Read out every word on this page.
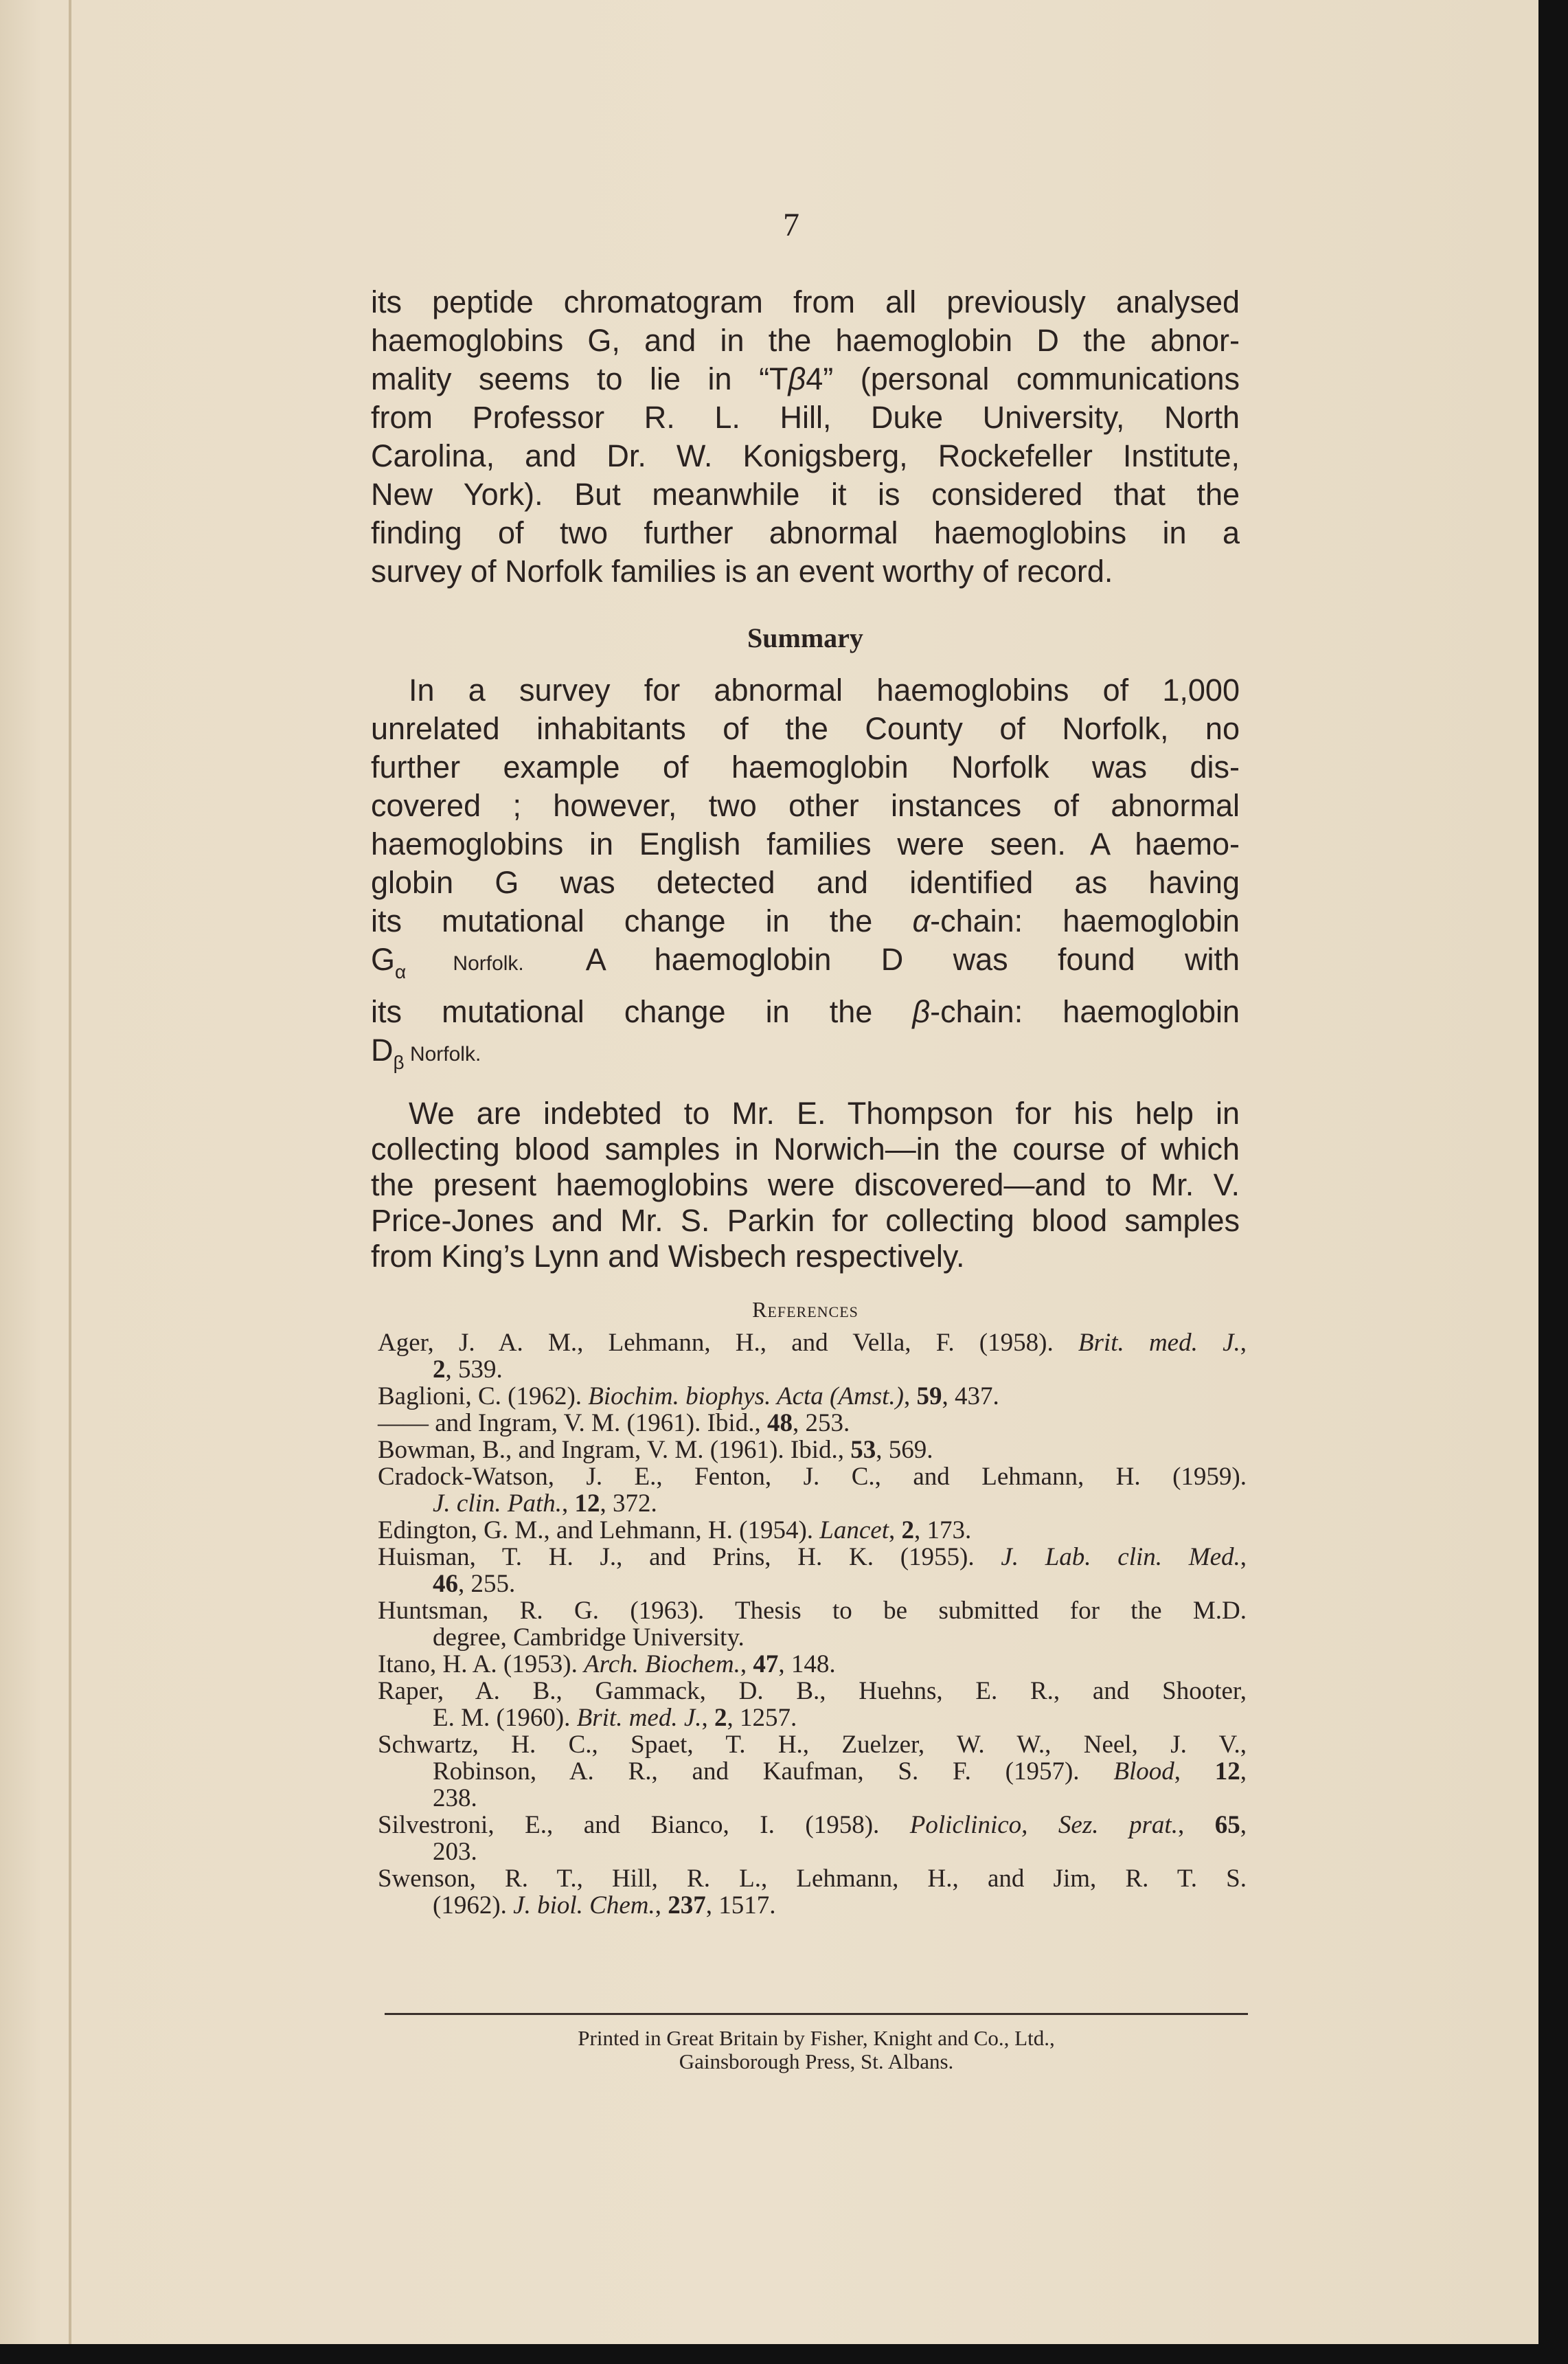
7
its peptide chromatogram from all previously analysed
haemoglobins G, and in the haemoglobin D the abnor-
mality seems to lie in “Tβ4” (personal communications
from Professor R. L. Hill, Duke University, North
Carolina, and Dr. W. Konigsberg, Rockefeller Institute,
New York). But meanwhile it is considered that the
finding of two further abnormal haemoglobins in a
survey of Norfolk families is an event worthy of record.
Summary
In a survey for abnormal haemoglobins of 1,000
unrelated inhabitants of the County of Norfolk, no
further example of haemoglobin Norfolk was dis-
covered ; however, two other instances of abnormal
haemoglobins in English families were seen. A haemo-
globin G was detected and identified as having
its mutational change in the α-chain: haemoglobin
$G_\alpha$ Norfolk. A haemoglobin D was found with
its mutational change in the β-chain: haemoglobin
$D_\beta$ Norfolk.
We are indebted to Mr. E. Thompson for his help in
collecting blood samples in Norwich—in the course of which
the present haemoglobins were discovered—and to Mr. V.
Price-Jones and Mr. S. Parkin for collecting blood samples
from King’s Lynn and Wisbech respectively.
References
Ager, J. A. M., Lehmann, H., and Vella, F. (1958). Brit. med. J.,
2, 539.
Baglioni, C. (1962). Biochim. biophys. Acta (Amst.), 59, 437.
—— and Ingram, V. M. (1961). Ibid., 48, 253.
Bowman, B., and Ingram, V. M. (1961). Ibid., 53, 569.
Cradock-Watson, J. E., Fenton, J. C., and Lehmann, H. (1959).
J. clin. Path., 12, 372.
Edington, G. M., and Lehmann, H. (1954). Lancet, 2, 173.
Huisman, T. H. J., and Prins, H. K. (1955). J. Lab. clin. Med.,
46, 255.
Huntsman, R. G. (1963). Thesis to be submitted for the M.D.
degree, Cambridge University.
Itano, H. A. (1953). Arch. Biochem., 47, 148.
Raper, A. B., Gammack, D. B., Huehns, E. R., and Shooter,
E. M. (1960). Brit. med. J., 2, 1257.
Schwartz, H. C., Spaet, T. H., Zuelzer, W. W., Neel, J. V.,
Robinson, A. R., and Kaufman, S. F. (1957). Blood, 12,
238.
Silvestroni, E., and Bianco, I. (1958). Policlinico, Sez. prat., 65,
203.
Swenson, R. T., Hill, R. L., Lehmann, H., and Jim, R. T. S.
(1962). J. biol. Chem., 237, 1517.
Printed in Great Britain by Fisher, Knight and Co., Ltd.,
Gainsborough Press, St. Albans.
